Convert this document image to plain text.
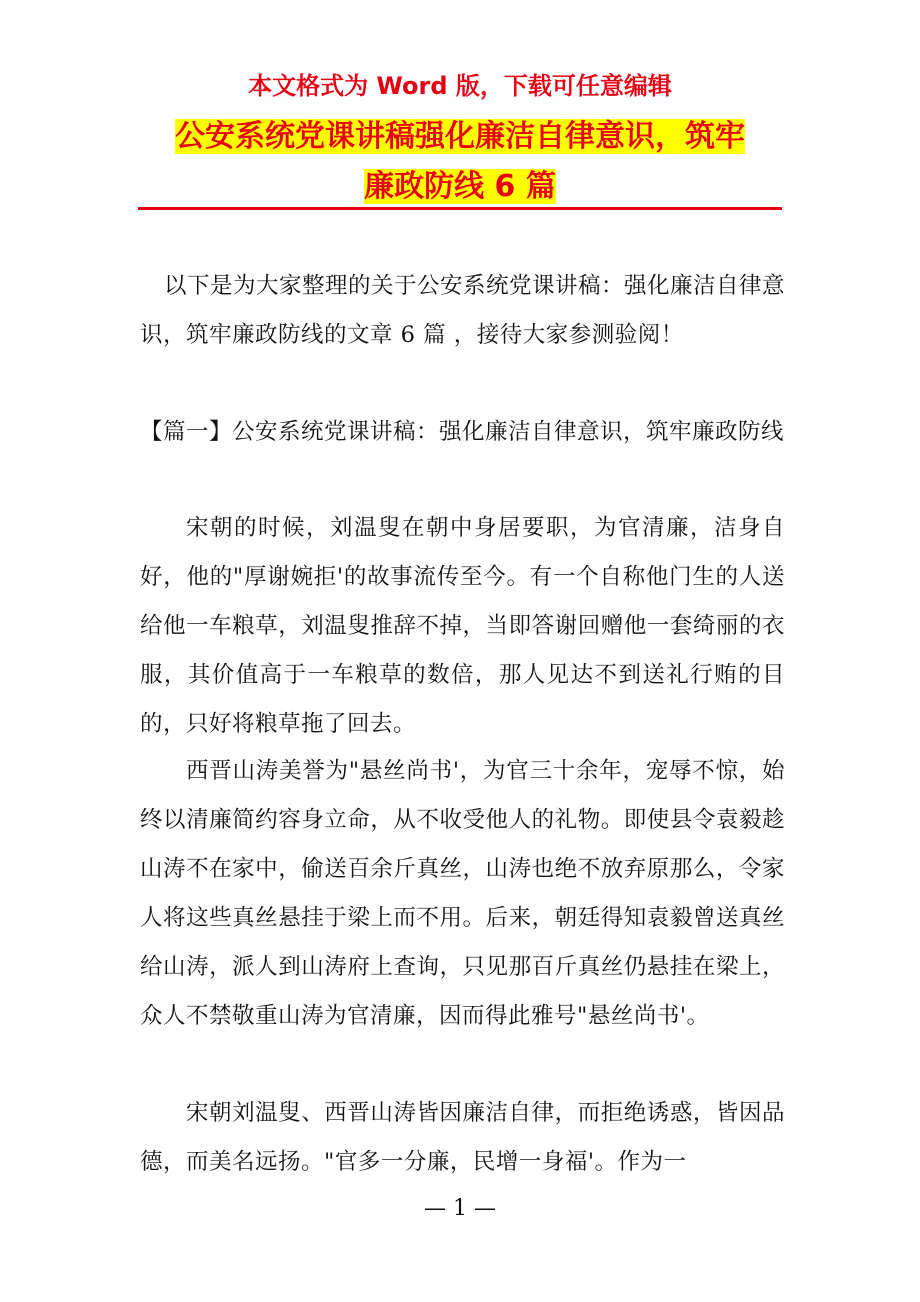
本文格式为 Word 版，下载可任意编辑
公安系统党课讲稿强化廉洁自律意识，筑牢
廉政防线 6 篇

以下是为大家整理的关于公安系统党课讲稿：强化廉洁自律意识，筑牢廉政防线的文章 6 篇 ，接待大家参测验阅！

【篇一】公安系统党课讲稿：强化廉洁自律意识，筑牢廉政防线

宋朝的时候，刘温叟在朝中身居要职，为官清廉，洁身自好，他的"厚谢婉拒'的故事流传至今。有一个自称他门生的人送给他一车粮草，刘温叟推辞不掉，当即答谢回赠他一套绮丽的衣服，其价值高于一车粮草的数倍，那人见达不到送礼行贿的目的，只好将粮草拖了回去。

西晋山涛美誉为"悬丝尚书'，为官三十余年，宠辱不惊，始终以清廉简约容身立命，从不收受他人的礼物。即使县令袁毅趁山涛不在家中，偷送百余斤真丝，山涛也绝不放弃原那么，令家人将这些真丝悬挂于梁上而不用。后来，朝廷得知袁毅曾送真丝给山涛，派人到山涛府上查询，只见那百斤真丝仍悬挂在梁上，众人不禁敬重山涛为官清廉，因而得此雅号"悬丝尚书'。

宋朝刘温叟、西晋山涛皆因廉洁自律，而拒绝诱惑，皆因品德，而美名远扬。"官多一分廉，民增一身福'。作为一

— 1 —
